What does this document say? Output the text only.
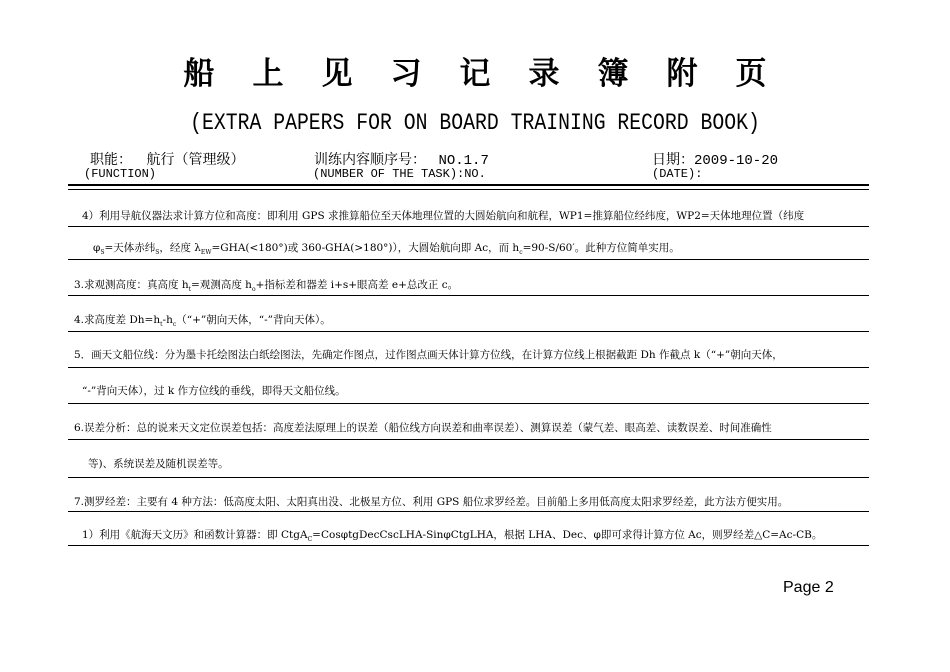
船上见习记录簿附页
(EXTRA PAPERS FOR ON BOARD TRAINING RECORD BOOK)
职能： 航行（管理级）
(FUNCTION)
训练内容顺序号： NO.1.7
(NUMBER OF THE TASK):NO.
日期：2009-10-20
(DATE):
4）利用导航仪器法求计算方位和高度：即利用 GPS 求推算船位至天体地理位置的大圆始航向和航程，WP1=推算船位经纬度，WP2=天体地理位置（纬度
$\varphi_S=$天体赤纬$_S$，经度 $\lambda_{EW}=GHA(<180^\circ)$或 360-GHA(>180°)），大圆始航向即 Ac，而 $h_c=90-S/60'$。此种方位简单实用。
3.求观测高度：真高度 $h_t=$观测高度 $h_o+$指标差和器差 i+s+眼高差 e+总改正 c。
4.求高度差 $Dh=h_t-h_c(“+$”朝向天体，“-”背向天体）。
5．画天文船位线：分为墨卡托绘图法白纸绘图法，先确定作图点，过作图点画天体计算方位线，在计算方位线上根据截距 Dh 作截点 k（“+”朝向天体，
“-”背向天体），过 k 作方位线的垂线，即得天文船位线。
6.误差分析：总的说来天文定位误差包括：高度差法原理上的误差（船位线方向误差和曲率误差）、测算误差（蒙气差、眼高差、读数误差、时间准确性
等)、系统误差及随机误差等。
7.测罗经差：主要有 4 种方法：低高度太阳、太阳真出没、北极星方位、利用 GPS 船位求罗经差。目前船上多用低高度太阳求罗经差，此方法方便实用。
1）利用《航海天文历》和函数计算器：即 CtgA$_C$=CosφtgDecCscLHA-SinφCtgLHA，根据 LHA、Dec、φ即可求得计算方位 Ac，则罗经差△C=Ac-CB。
Page 2
